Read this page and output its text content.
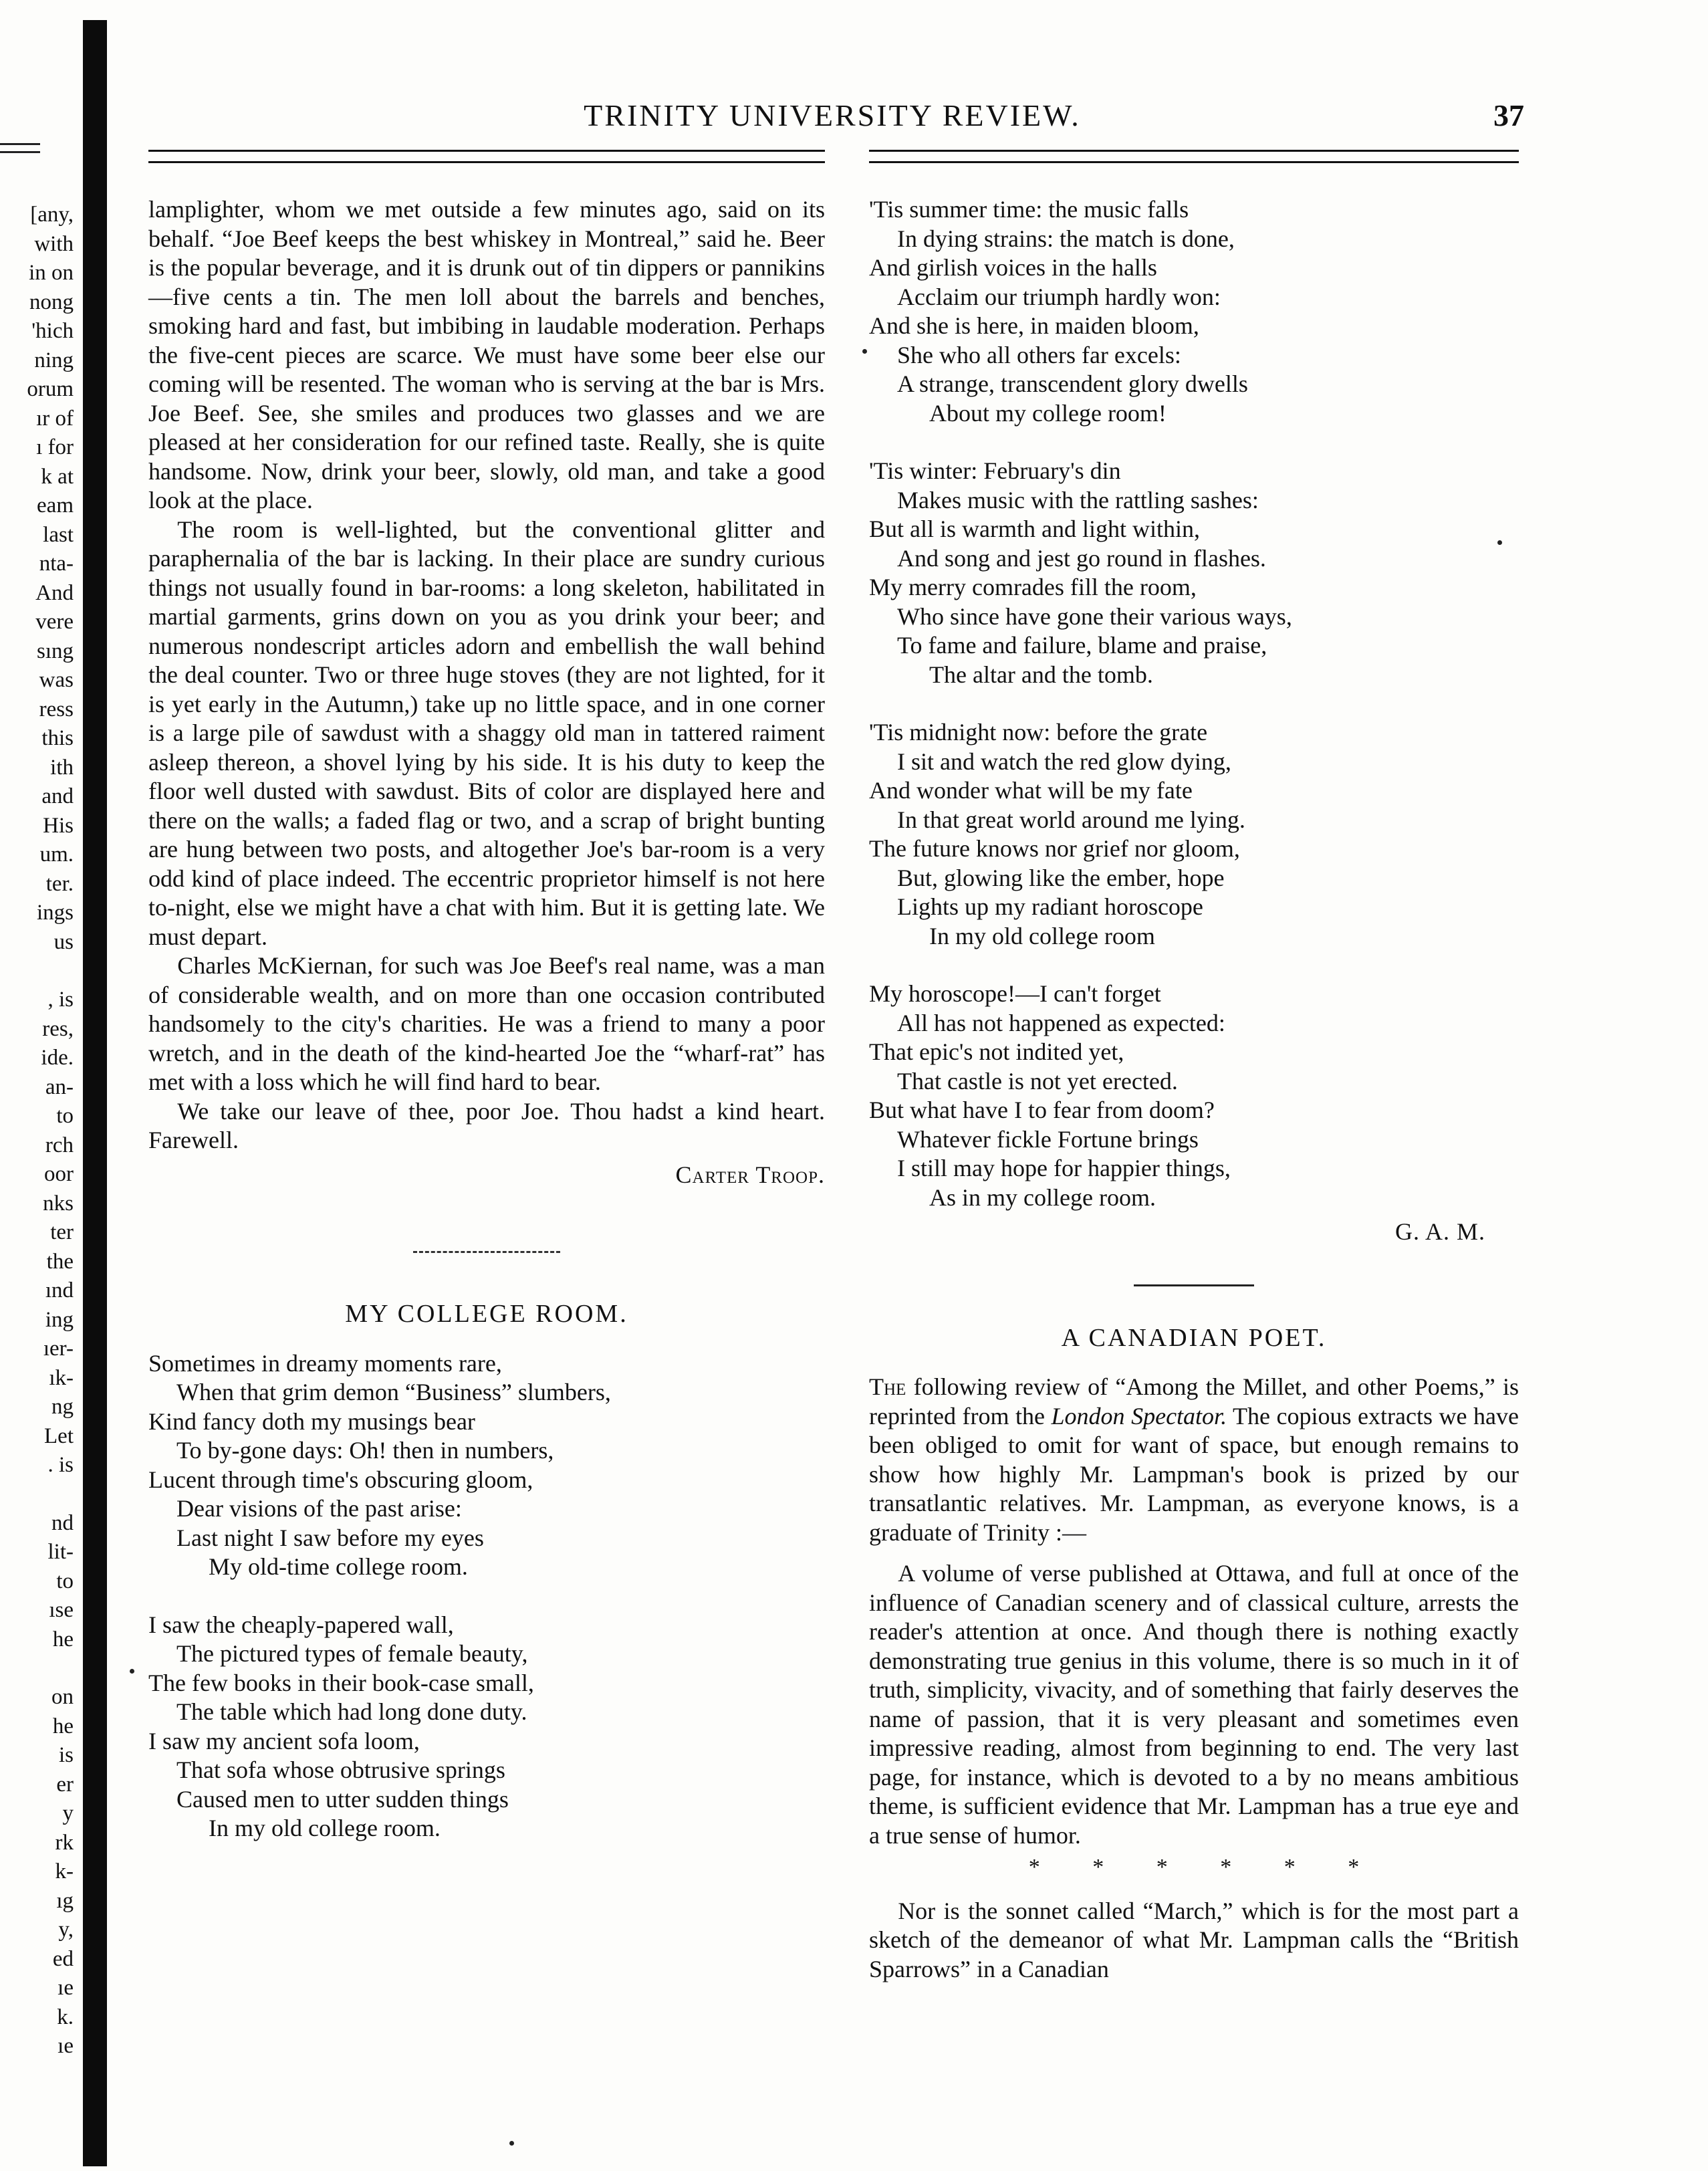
[any,
with
in on
nong
'hich
ning
orum
ır of
ı for
k at
eam
last
nta-
And
vere
sıng
was
ress
this
ith
and
His
um.
ter.
ings
us
, is
res,
ide.
an-
to
rch
oor
nks
ter
the
ınd
ing
ıer-
ık-
ng
Let
. is
nd
lit-
to
ıse
he
on
he
is
er
y
rk
k-
ıg
y,
ed
ıe
k.
ıe
TRINITY UNIVERSITY REVIEW.	37

lamplighter, whom we met outside a few minutes ago, said on its behalf. “Joe Beef keeps the best whiskey in Montreal,” said he. Beer is the popular beverage, and it is drunk out of tin dippers or pannikins—five cents a tin. The men loll about the barrels and benches, smoking hard and fast, but imbibing in laudable moderation. Perhaps the five-cent pieces are scarce. We must have some beer else our coming will be resented. The woman who is serving at the bar is Mrs. Joe Beef. See, she smiles and produces two glasses and we are pleased at her consideration for our refined taste. Really, she is quite handsome. Now, drink your beer, slowly, old man, and take a good look at the place.

The room is well-lighted, but the conventional glitter and paraphernalia of the bar is lacking. In their place are sundry curious things not usually found in bar-rooms: a long skeleton, habilitated in martial garments, grins down on you as you drink your beer; and numerous nondescript articles adorn and embellish the wall behind the deal counter. Two or three huge stoves (they are not lighted, for it is yet early in the Autumn,) take up no little space, and in one corner is a large pile of sawdust with a shaggy old man in tattered raiment asleep thereon, a shovel lying by his side. It is his duty to keep the floor well dusted with sawdust. Bits of color are displayed here and there on the walls; a faded flag or two, and a scrap of bright bunting are hung between two posts, and altogether Joe's bar-room is a very odd kind of place indeed. The eccentric proprietor himself is not here to-night, else we might have a chat with him. But it is getting late. We must depart.

Charles McKiernan, for such was Joe Beef's real name, was a man of considerable wealth, and on more than one occasion contributed handsomely to the city's charities. He was a friend to many a poor wretch, and in the death of the kind-hearted Joe the “wharf-rat” has met with a loss which he will find hard to bear.

We take our leave of thee, poor Joe. Thou hadst a kind heart. Farewell.

Carter Troop.
MY COLLEGE ROOM.
Sometimes in dreamy moments rare,
When that grim demon “Business” slumbers,
Kind fancy doth my musings bear
To by-gone days: Oh! then in numbers,
Lucent through time's obscuring gloom,
Dear visions of the past arise:
Last night I saw before my eyes
My old-time college room.
I saw the cheaply-papered wall,
The pictured types of female beauty,
The few books in their book-case small,
The table which had long done duty.
I saw my ancient sofa loom,
That sofa whose obtrusive springs
Caused men to utter sudden things
In my old college room.
'Tis summer time: the music falls
In dying strains: the match is done,
And girlish voices in the halls
Acclaim our triumph hardly won:
And she is here, in maiden bloom,
She who all others far excels:
A strange, transcendent glory dwells
About my college room!
'Tis winter: February's din
Makes music with the rattling sashes:
But all is warmth and light within,
And song and jest go round in flashes.
My merry comrades fill the room,
Who since have gone their various ways,
To fame and failure, blame and praise,
The altar and the tomb.
'Tis midnight now: before the grate
I sit and watch the red glow dying,
And wonder what will be my fate
In that great world around me lying.
The future knows nor grief nor gloom,
But, glowing like the ember, hope
Lights up my radiant horoscope
In my old college room
My horoscope!—I can't forget
All has not happened as expected:
That epic's not indited yet,
That castle is not yet erected.
But what have I to fear from doom?
Whatever fickle Fortune brings
I still may hope for happier things,
As in my college room.
G. A. M.
A CANADIAN POET.

The following review of “Among the Millet, and other Poems,” is reprinted from the London Spectator. The copious extracts we have been obliged to omit for want of space, but enough remains to show how highly Mr. Lampman's book is prized by our transatlantic relatives. Mr. Lampman, as everyone knows, is a graduate of Trinity :—

A volume of verse published at Ottawa, and full at once of the influence of Canadian scenery and of classical culture, arrests the reader's attention at once. And though there is nothing exactly demonstrating true genius in this volume, there is so much in it of truth, simplicity, vivacity, and of something that fairly deserves the name of passion, that it is very pleasant and sometimes even impressive reading, almost from beginning to end. The very last page, for instance, which is devoted to a by no means ambitious theme, is sufficient evidence that Mr. Lampman has a true eye and a true sense of humor.

* * * * * *

Nor is the sonnet called “March,” which is for the most part a sketch of the demeanor of what Mr. Lampman calls the “British Sparrows” in a Canadian
